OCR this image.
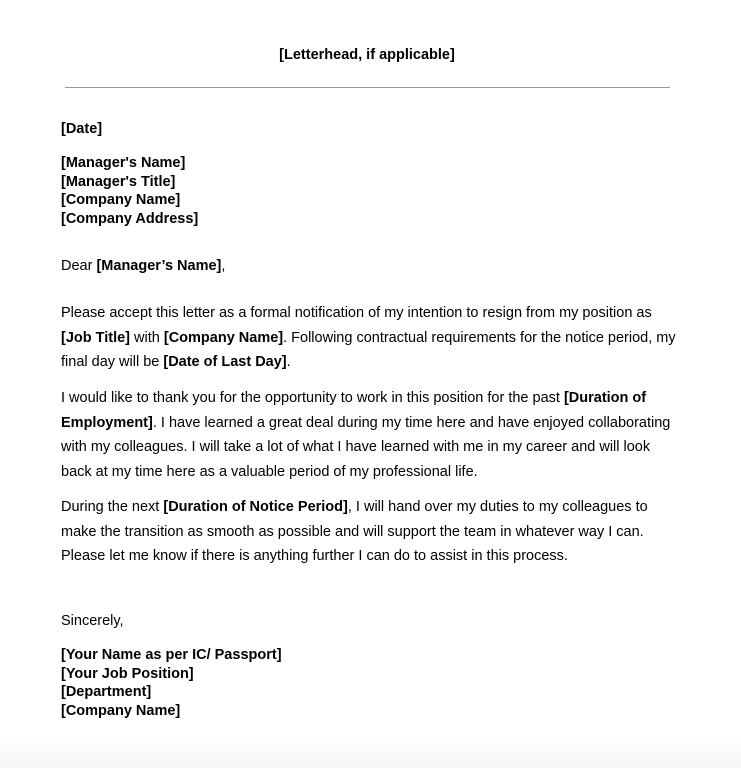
[Letterhead, if applicable]
[Date]
[Manager's Name]
[Manager's Title]
[Company Name]
[Company Address]
Dear [Manager’s Name],

Please accept this letter as a formal notification of my intention to resign from my position as [Job Title] with [Company Name]. Following contractual requirements for the notice period, my final day will be [Date of Last Day].

I would like to thank you for the opportunity to work in this position for the past [Duration of Employment]. I have learned a great deal during my time here and have enjoyed collaborating with my colleagues. I will take a lot of what I have learned with me in my career and will look back at my time here as a valuable period of my professional life.

During the next [Duration of Notice Period], I will hand over my duties to my colleagues to make the transition as smooth as possible and will support the team in whatever way I can. Please let me know if there is anything further I can do to assist in this process.

Sincerely,
[Your Name as per IC/ Passport]
[Your Job Position]
[Department]
[Company Name]
